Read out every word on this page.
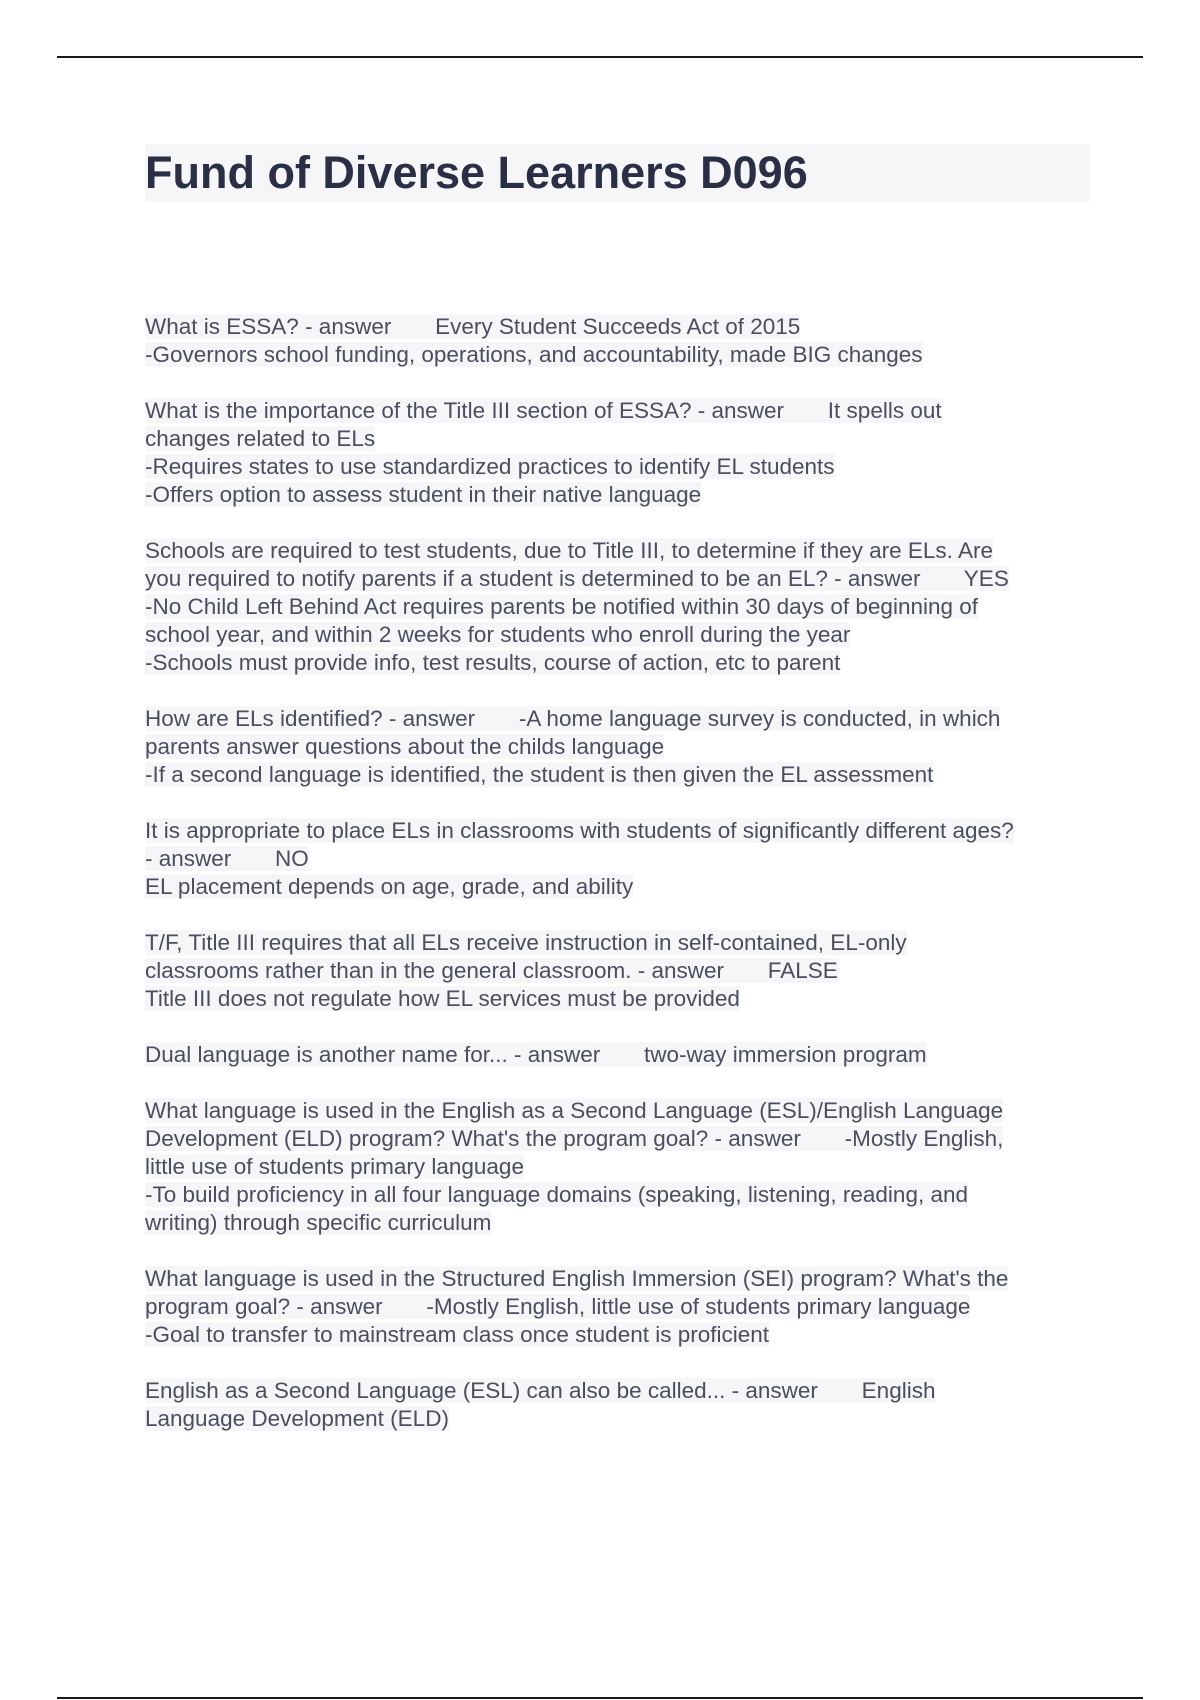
Fund of Diverse Learners D096
What is ESSA? - answer       Every Student Succeeds Act of 2015
-Governors school funding, operations, and accountability, made BIG changes
What is the importance of the Title III section of ESSA? - answer       It spells out
changes related to ELs
-Requires states to use standardized practices to identify EL students
-Offers option to assess student in their native language
Schools are required to test students, due to Title III, to determine if they are ELs. Are
you required to notify parents if a student is determined to be an EL? - answer       YES
-No Child Left Behind Act requires parents be notified within 30 days of beginning of
school year, and within 2 weeks for students who enroll during the year
-Schools must provide info, test results, course of action, etc to parent
How are ELs identified? - answer       -A home language survey is conducted, in which
parents answer questions about the childs language
-If a second language is identified, the student is then given the EL assessment
It is appropriate to place ELs in classrooms with students of significantly different ages?
- answer       NO
EL placement depends on age, grade, and ability
T/F, Title III requires that all ELs receive instruction in self-contained, EL-only
classrooms rather than in the general classroom. - answer       FALSE
Title III does not regulate how EL services must be provided
Dual language is another name for... - answer       two-way immersion program
What language is used in the English as a Second Language (ESL)/English Language
Development (ELD) program? What's the program goal? - answer       -Mostly English,
little use of students primary language
-To build proficiency in all four language domains (speaking, listening, reading, and
writing) through specific curriculum
What language is used in the Structured English Immersion (SEI) program? What's the
program goal? - answer       -Mostly English, little use of students primary language
-Goal to transfer to mainstream class once student is proficient
English as a Second Language (ESL) can also be called... - answer       English
Language Development (ELD)
